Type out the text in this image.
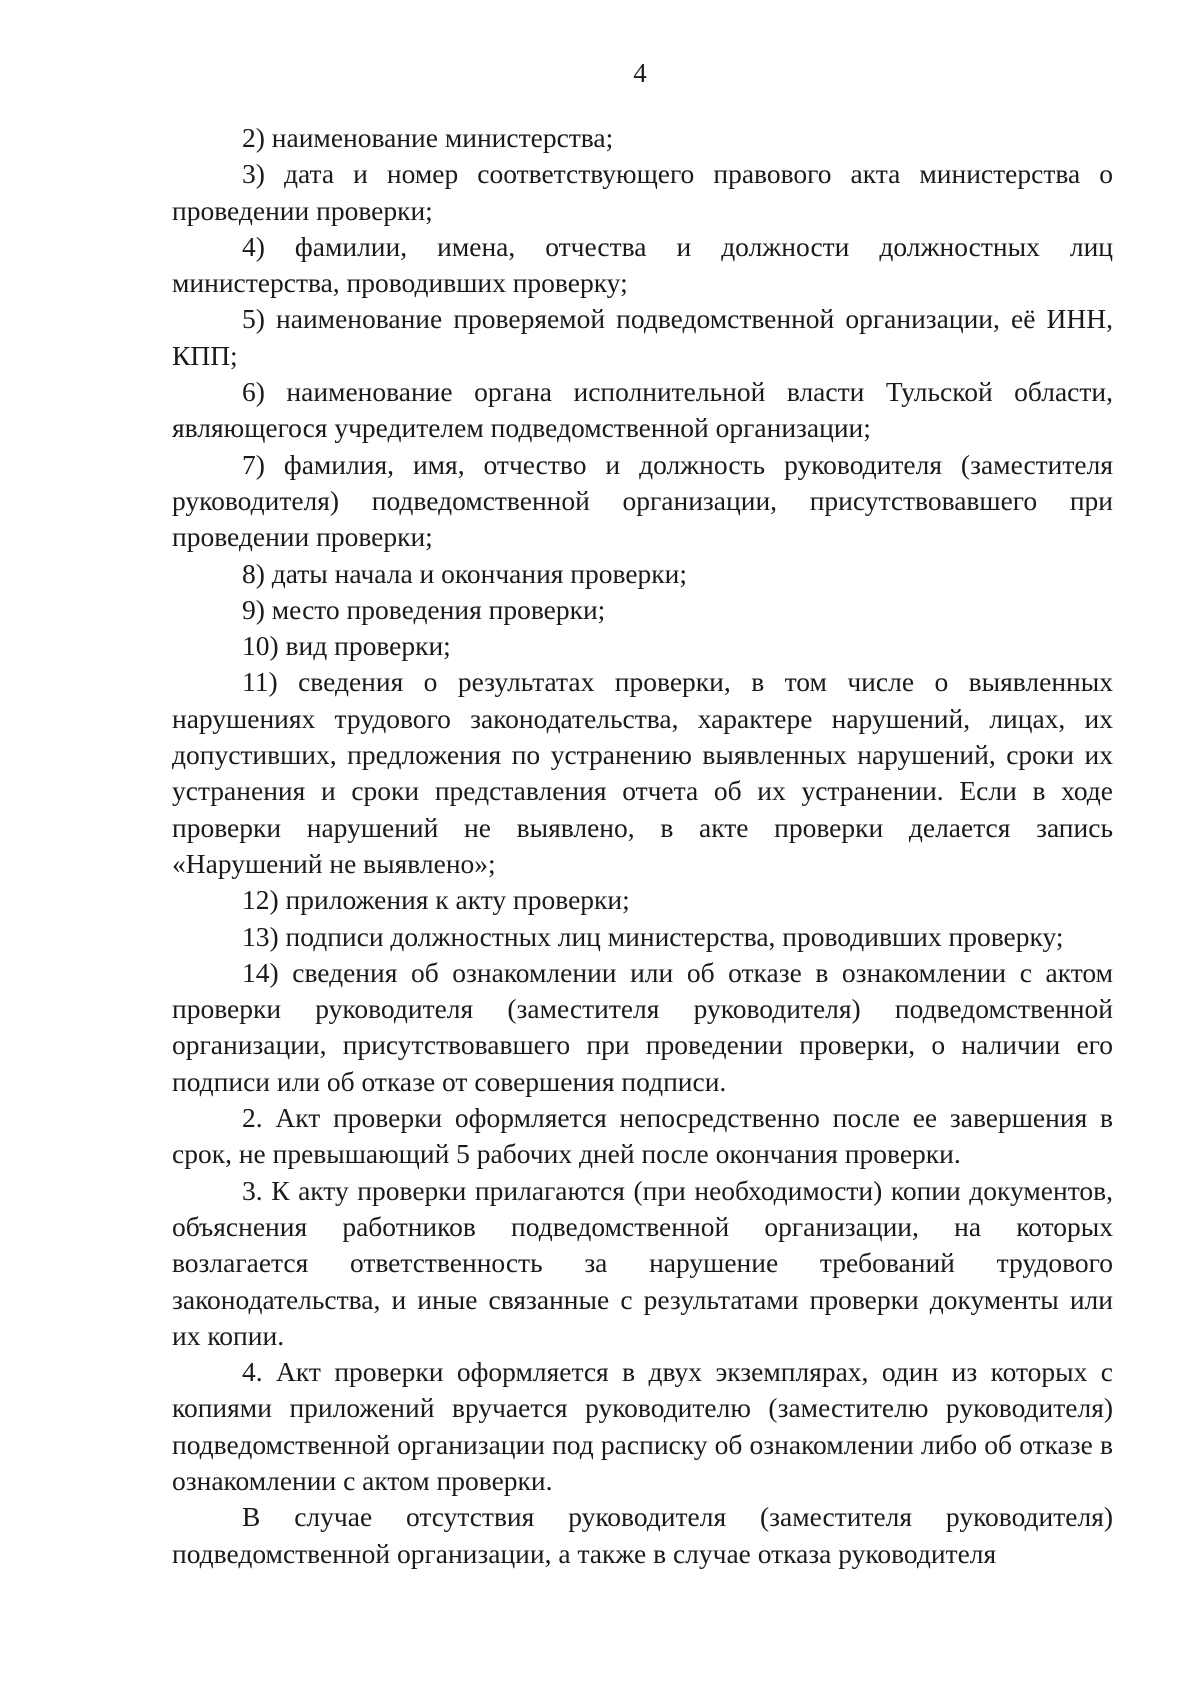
4

2) наименование министерства;

3) дата и номер соответствующего правового акта министерства о проведении проверки;

4) фамилии, имена, отчества и должности должностных лиц министерства, проводивших проверку;

5) наименование проверяемой подведомственной организации, её ИНН, КПП;

6) наименование органа исполнительной власти Тульской области, являющегося учредителем подведомственной организации;

7) фамилия, имя, отчество и должность руководителя (заместителя руководителя) подведомственной организации, присутствовавшего при проведении проверки;

8) даты начала и окончания проверки;

9) место проведения проверки;

10) вид проверки;

11) сведения о результатах проверки, в том числе о выявленных нарушениях трудового законодательства, характере нарушений, лицах, их допустивших, предложения по устранению выявленных нарушений, сроки их устранения и сроки представления отчета об их устранении. Если в ходе проверки нарушений не выявлено, в акте проверки делается запись «Нарушений не выявлено»;

12) приложения к акту проверки;

13) подписи должностных лиц министерства, проводивших проверку;

14) сведения об ознакомлении или об отказе в ознакомлении с актом проверки руководителя (заместителя руководителя) подведомственной организации, присутствовавшего при проведении проверки, о наличии его подписи или об отказе от совершения подписи.

2. Акт проверки оформляется непосредственно после ее завершения в срок, не превышающий 5 рабочих дней после окончания проверки.

3. К акту проверки прилагаются (при необходимости) копии документов, объяснения работников подведомственной организации, на которых возлагается ответственность за нарушение требований трудового законодательства, и иные связанные с результатами проверки документы или их копии.

4. Акт проверки оформляется в двух экземплярах, один из которых с копиями приложений вручается руководителю (заместителю руководителя) подведомственной организации под расписку об ознакомлении либо об отказе в ознакомлении с актом проверки.

В случае отсутствия руководителя (заместителя руководителя) подведомственной организации, а также в случае отказа руководителя
